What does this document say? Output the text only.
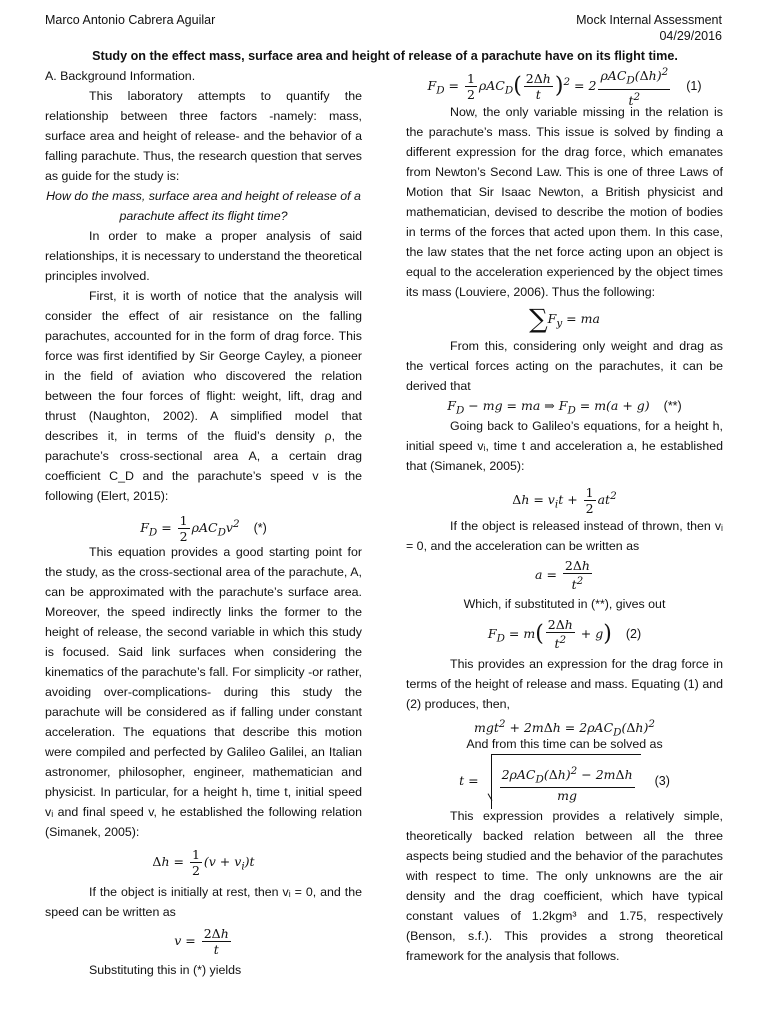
Marco Antonio Cabrera Aguilar	Mock Internal Assessment
04/29/2016
Study on the effect mass, surface area and height of release of a parachute have on its flight time.

A. Background Information.

This laboratory attempts to quantify the relationship between three factors -namely: mass, surface area and height of release- and the behavior of a falling parachute. Thus, the research question that serves as guide for the study is:

How do the mass, surface area and height of release of a parachute affect its flight time?

In order to make a proper analysis of said relationships, it is necessary to understand the theoretical principles involved.

First, it is worth of notice that the analysis will consider the effect of air resistance on the falling parachutes, accounted for in the form of drag force. This force was first identified by Sir George Cayley, a pioneer in the field of aviation who discovered the relation between the four forces of flight: weight, lift, drag and thrust (Naughton, 2002). A simplified model that describes it, in terms of the fluid’s density ρ, the parachute’s cross-sectional area A, a certain drag coefficient C_D and the parachute’s speed v is the following (Elert, 2015):

$F_D = \frac{1}{2} \rho AC_Dv^2$ (*)

This equation provides a good starting point for the study, as the cross-sectional area of the parachute, A, can be approximated with the parachute’s surface area. Moreover, the speed indirectly links the former to the height of release, the second variable in which this study is focused. Said link surfaces when considering the kinematics of the parachute’s fall. For simplicity -or rather, avoiding over-complications- during this study the parachute will be considered as if falling under constant acceleration. The equations that describe this motion were compiled and perfected by Galileo Galilei, an Italian astronomer, philosopher, engineer, mathematician and physicist. In particular, for a height h, time t, initial speed vᵢ and final speed v, he established the following relation (Simanek, 2005):

$\Delta h = \frac{1}{2} (v + v_i)t$

If the object is initially at rest, then vᵢ = 0, and the speed can be written as

$v = \frac{2\Delta h}{t}$

Substituting this in (*) yields

$F_D = \frac{1}{2} \rho AC_D( \frac{2\Delta h}{t} )^2 = 2 \frac{\rho AC_D(\Delta h)^2}{t^2} (1)$

Now, the only variable missing in the relation is the parachute’s mass. This issue is solved by finding a different expression for the drag force, which emanates from Newton’s Second Law. This is one of three Laws of Motion that Sir Isaac Newton, a British physicist and mathematician, devised to describe the motion of bodies in terms of the forces that acted upon them. In this case, the law states that the net force acting upon an object is equal to the acceleration experienced by the object times its mass (Louviere, 2006). Thus the following:

$\sum F_y$ = ma

From this, considering only weight and drag as the vertical forces acting on the parachutes, it can be derived that

$F_D$ − mg = ma ⇒ $F_D = m(a + g)$ (**)

Going back to Galileo’s equations, for a height h, initial speed vᵢ, time t and acceleration a, he established that (Simanek, 2005):

$\Delta h = v_it + \frac{1}{2} at^2$

If the object is released instead of thrown, then vᵢ = 0, and the acceleration can be written as

$a = \frac{2\Delta h}{t^2}$

Which, if substituted in (**), gives out

$F_D = m( \frac{2\Delta h}{t^2} + g)$ (2)

This provides an expression for the drag force in terms of the height of release and mass. Equating (1) and (2) produces, then,

$mgt^2 + 2m\Delta h = 2\rho AC_D(\Delta h)^2$

And from this time can be solved as

$t = \frac{2\rho AC_D(\Delta h)^2 - 2m\Delta h}{mg} (3)$

This expression provides a relatively simple, theoretically backed relation between all the three aspects being studied and the behavior of the parachutes with respect to time. The only unknowns are the air density and the drag coefficient, which have typical constant values of 1.2kgm³ and 1.75, respectively (Benson, s.f.). This provides a strong theoretical framework for the analysis that follows.
